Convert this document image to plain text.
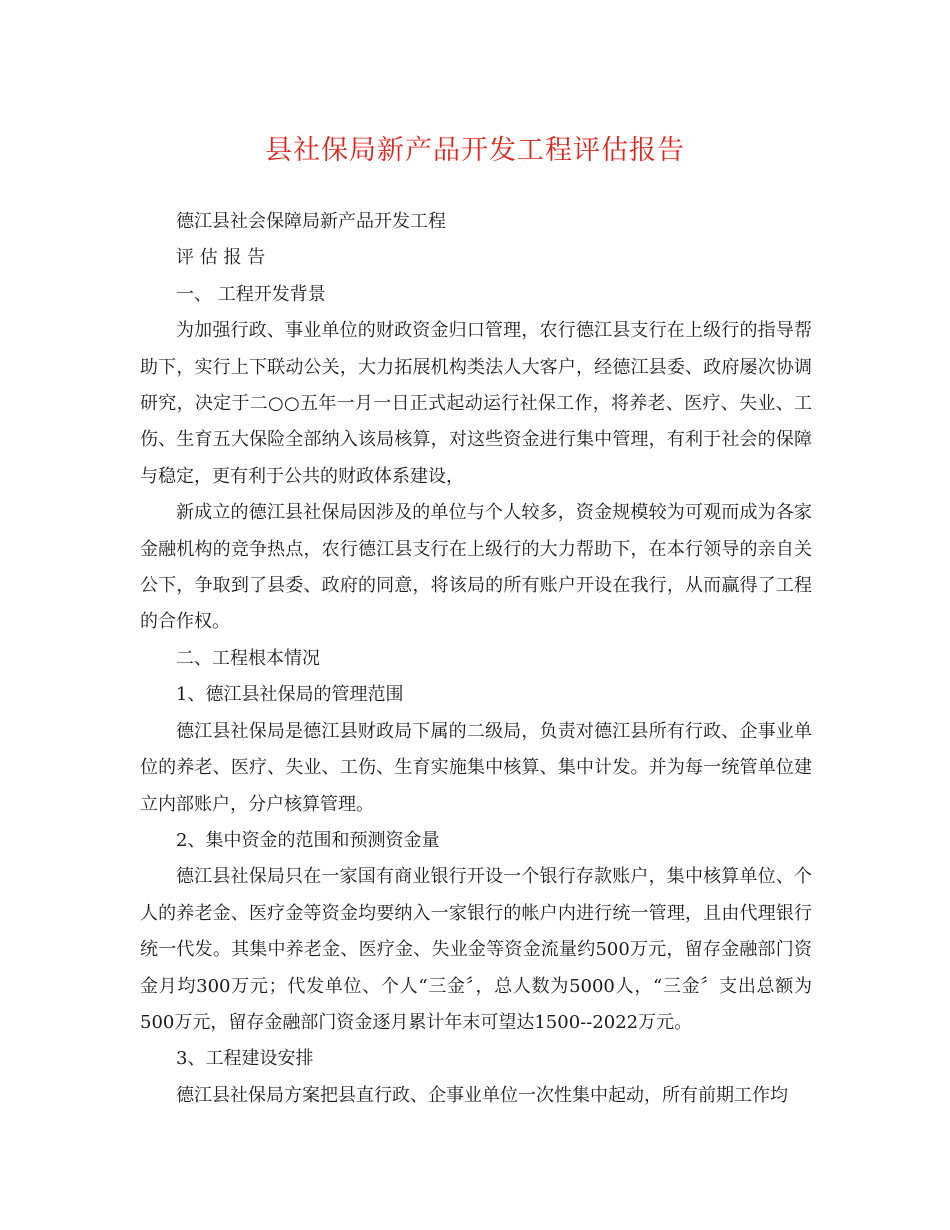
县社保局新产品开发工程评估报告

德江县社会保障局新产品开发工程

评 估 报 告

一、 工程开发背景

为加强行政、事业单位的财政资金归口管理，农行德江县支行在上级行的指导帮助下，实行上下联动公关，大力拓展机构类法人大客户，经德江县委、政府屡次协调研究，决定于二○○五年一月一日正式起动运行社保工作，将养老、医疗、失业、工伤、生育五大保险全部纳入该局核算，对这些资金进行集中管理，有利于社会的保障与稳定，更有利于公共的财政体系建设，

新成立的德江县社保局因涉及的单位与个人较多，资金规模较为可观而成为各家金融机构的竞争热点，农行德江县支行在上级行的大力帮助下，在本行领导的亲自关公下，争取到了县委、政府的同意，将该局的所有账户开设在我行，从而赢得了工程的合作权。

二、工程根本情况

1、德江县社保局的管理范围

德江县社保局是德江县财政局下属的二级局，负责对德江县所有行政、企事业单位的养老、医疗、失业、工伤、生育实施集中核算、集中计发。并为每一统管单位建立内部账户，分户核算管理。

2、集中资金的范围和预测资金量

德江县社保局只在一家国有商业银行开设一个银行存款账户，集中核算单位、个人的养老金、医疗金等资金均要纳入一家银行的帐户内进行统一管理，且由代理银行统一代发。其集中养老金、医疗金、失业金等资金流量约500万元，留存金融部门资金月均300万元；代发单位、个人“三金〞，总人数为5000人，“三金〞支出总额为500万元，留存金融部门资金逐月累计年末可望达1500--2022万元。

3、工程建设安排

德江县社保局方案把县直行政、企事业单位一次性集中起动，所有前期工作均
